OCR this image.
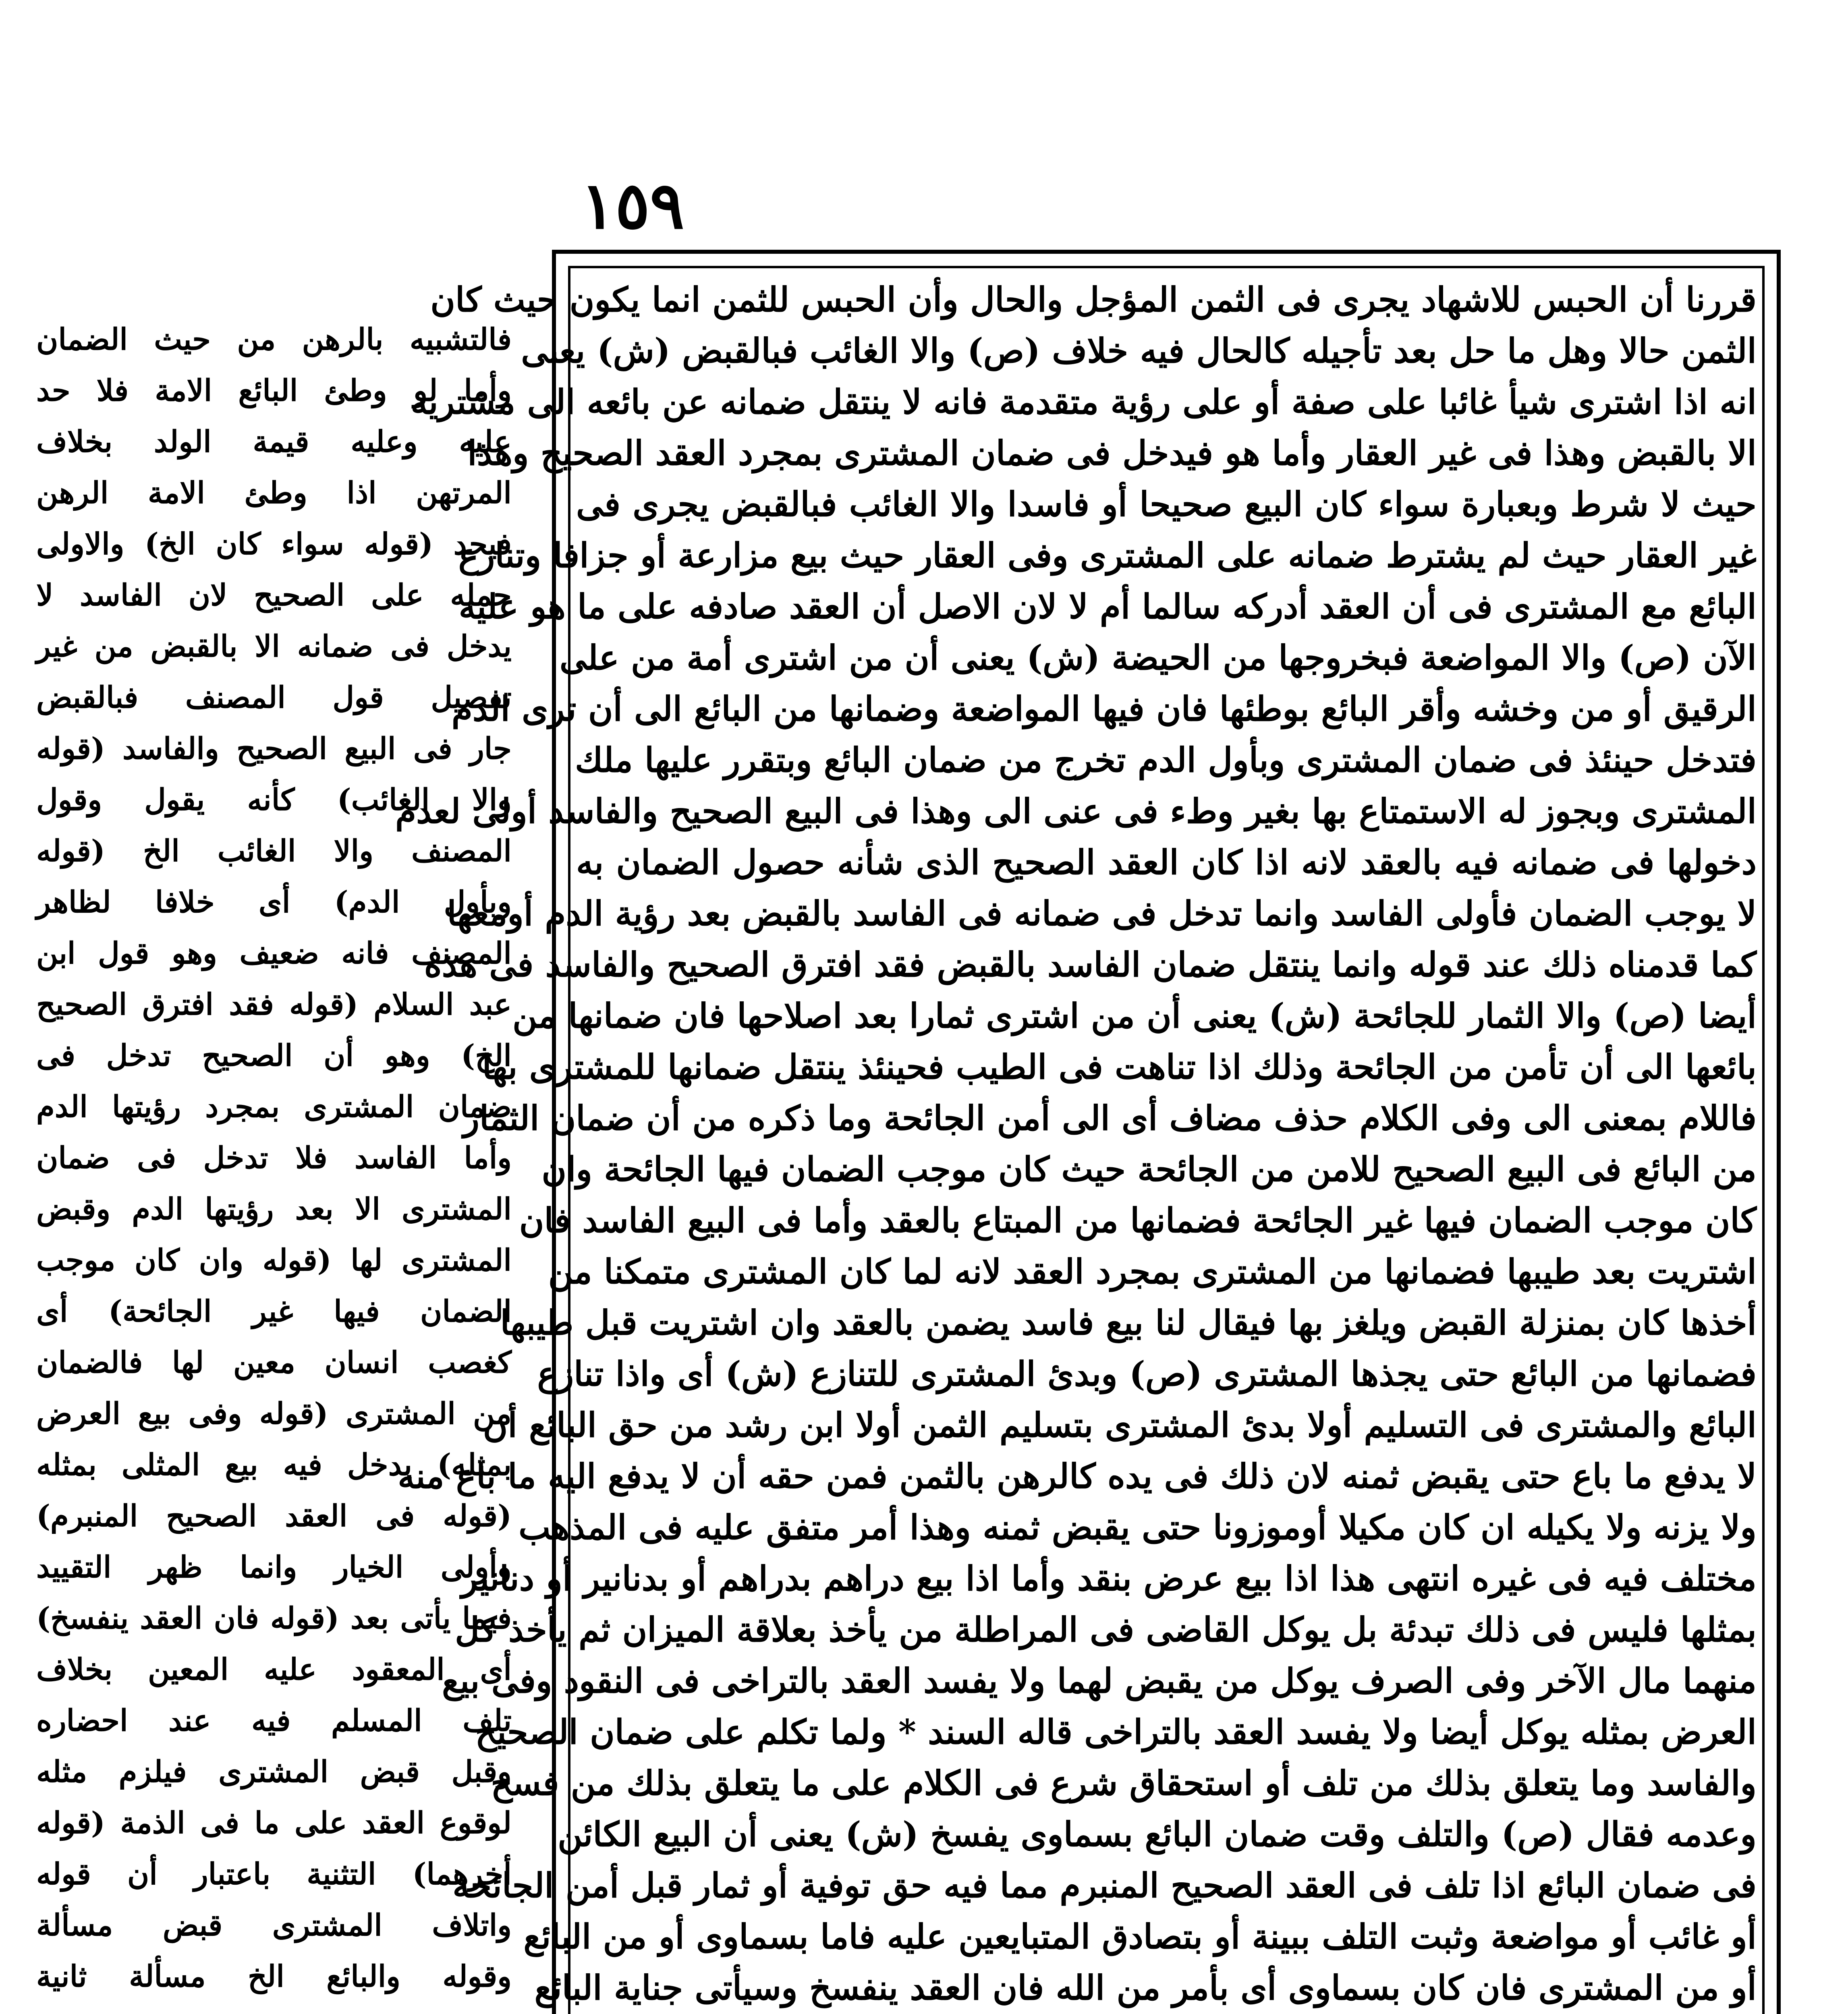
١٥٩
فالتشبيه بالرهن من حيث الضمان
وأما لو وطئ البائع الامة فلا حد
عليه وعليه قيمة الولد بخلاف
المرتهن اذا وطئ الامة الرهن
فيحد (قوله سواء كان الخ) والاولى
حمله على الصحيح لان الفاسد لا
يدخل فى ضمانه الا بالقبض من غير
تفصيل قول المصنف فبالقبض
جار فى البيع الصحيح والفاسد (قوله
والا الغائب) كأنه يقول وقول
المصنف والا الغائب الخ (قوله
وبأول الدم) أى خلافا لظاهر
المصنف فانه ضعيف وهو قول ابن
عبد السلام (قوله فقد افترق الصحيح
الخ) وهو أن الصحيح تدخل فى
ضمان المشترى بمجرد رؤيتها الدم
وأما الفاسد فلا تدخل فى ضمان
المشترى الا بعد رؤيتها الدم وقبض
المشترى لها (قوله وان كان موجب
الضمان فيها غير الجائحة) أى
كغصب انسان معين لها فالضمان
من المشترى (قوله وفى بيع العرض
بمثله) يدخل فيه بيع المثلى بمثله
(قوله فى العقد الصحيح المنبرم)
وأولى الخيار وانما ظهر التقييد
فيما يأتى بعد (قوله فان العقد ينفسخ)
أى المعقود عليه المعين بخلاف
تلف المسلم فيه عند احضاره
وقبل قبض المشترى فيلزم مثله
لوقوع العقد على ما فى الذمة (قوله
أخرهما) التثنية باعتبار أن قوله
واتلاف المشترى قبض مسألة
وقوله والبائع الخ مسألة ثانية
قررنا أن الحبس للاشهاد يجرى فى الثمن المؤجل والحال وأن الحبس للثمن انما يكون حيث كان
الثمن حالا وهل ما حل بعد تأجيله كالحال فيه خلاف (ص) والا الغائب فبالقبض (ش) يعنى
انه اذا اشترى شيأ غائبا على صفة أو على رؤية متقدمة فانه لا ينتقل ضمانه عن بائعه الى مشتريه
الا بالقبض وهذا فى غير العقار وأما هو فيدخل فى ضمان المشترى بمجرد العقد الصحيح وهذا
حيث لا شرط وبعبارة سواء كان البيع صحيحا أو فاسدا والا الغائب فبالقبض يجرى فى
غير العقار حيث لم يشترط ضمانه على المشترى وفى العقار حيث بيع مزارعة أو جزافا وتنازع
البائع مع المشترى فى أن العقد أدركه سالما أم لا لان الاصل أن العقد صادفه على ما هو عليه
الآن (ص) والا المواضعة فبخروجها من الحيضة (ش) يعنى أن من اشترى أمة من على
الرقيق أو من وخشه وأقر البائع بوطئها فان فيها المواضعة وضمانها من البائع الى أن ترى الدم
فتدخل حينئذ فى ضمان المشترى وبأول الدم تخرج من ضمان البائع وبتقرر عليها ملك
المشترى وبجوز له الاستمتاع بها بغير وطء فى عنى الى وهذا فى البيع الصحيح والفاسد أولى لعدم
دخولها فى ضمانه فيه بالعقد لانه اذا كان العقد الصحيح الذى شأنه حصول الضمان به
لا يوجب الضمان فأولى الفاسد وانما تدخل فى ضمانه فى الفاسد بالقبض بعد رؤية الدم أومعها
كما قدمناه ذلك عند قوله وانما ينتقل ضمان الفاسد بالقبض فقد افترق الصحيح والفاسد فى هذه
أيضا (ص) والا الثمار للجائحة (ش) يعنى أن من اشترى ثمارا بعد اصلاحها فان ضمانها من
بائعها الى أن تأمن من الجائحة وذلك اذا تناهت فى الطيب فحينئذ ينتقل ضمانها للمشترى بها
فاللام بمعنى الى وفى الكلام حذف مضاف أى الى أمن الجائحة وما ذكره من أن ضمان الثمار
من البائع فى البيع الصحيح للامن من الجائحة حيث كان موجب الضمان فيها الجائحة وان
كان موجب الضمان فيها غير الجائحة فضمانها من المبتاع بالعقد وأما فى البيع الفاسد فان
اشتريت بعد طيبها فضمانها من المشترى بمجرد العقد لانه لما كان المشترى متمكنا من
أخذها كان بمنزلة القبض ويلغز بها فيقال لنا بيع فاسد يضمن بالعقد وان اشتريت قبل طيبها
فضمانها من البائع حتى يجذها المشترى (ص) وبدئ المشترى للتنازع (ش) أى واذا تنازع
البائع والمشترى فى التسليم أولا بدئ المشترى بتسليم الثمن أولا ابن رشد من حق البائع أن
لا يدفع ما باع حتى يقبض ثمنه لان ذلك فى يده كالرهن بالثمن فمن حقه أن لا يدفع اليه ما باع منه
ولا يزنه ولا يكيله ان كان مكيلا أوموزونا حتى يقبض ثمنه وهذا أمر متفق عليه فى المذهب
مختلف فيه فى غيره انتهى هذا اذا بيع عرض بنقد وأما اذا بيع دراهم بدراهم أو بدنانير أو دنانير
بمثلها فليس فى ذلك تبدئة بل يوكل القاضى فى المراطلة من يأخذ بعلاقة الميزان ثم يأخذ كل
منهما مال الآخر وفى الصرف يوكل من يقبض لهما ولا يفسد العقد بالتراخى فى النقود وفى بيع
العرض بمثله يوكل أيضا ولا يفسد العقد بالتراخى قاله السند * ولما تكلم على ضمان الصحيح
والفاسد وما يتعلق بذلك من تلف أو استحقاق شرع فى الكلام على ما يتعلق بذلك من فسخ
وعدمه فقال (ص) والتلف وقت ضمان البائع بسماوى يفسخ (ش) يعنى أن البيع الكائن
فى ضمان البائع اذا تلف فى العقد الصحيح المنبرم مما فيه حق توفية أو ثمار قبل أمن الجائحة
أو غائب أو مواضعة وثبت التلف ببينة أو بتصادق المتبايعين عليه فاما بسماوى أو من البائع
أو من المشترى فان كان بسماوى أى بأمر من الله فان العقد ينفسخ وسيأتى جناية البائع
